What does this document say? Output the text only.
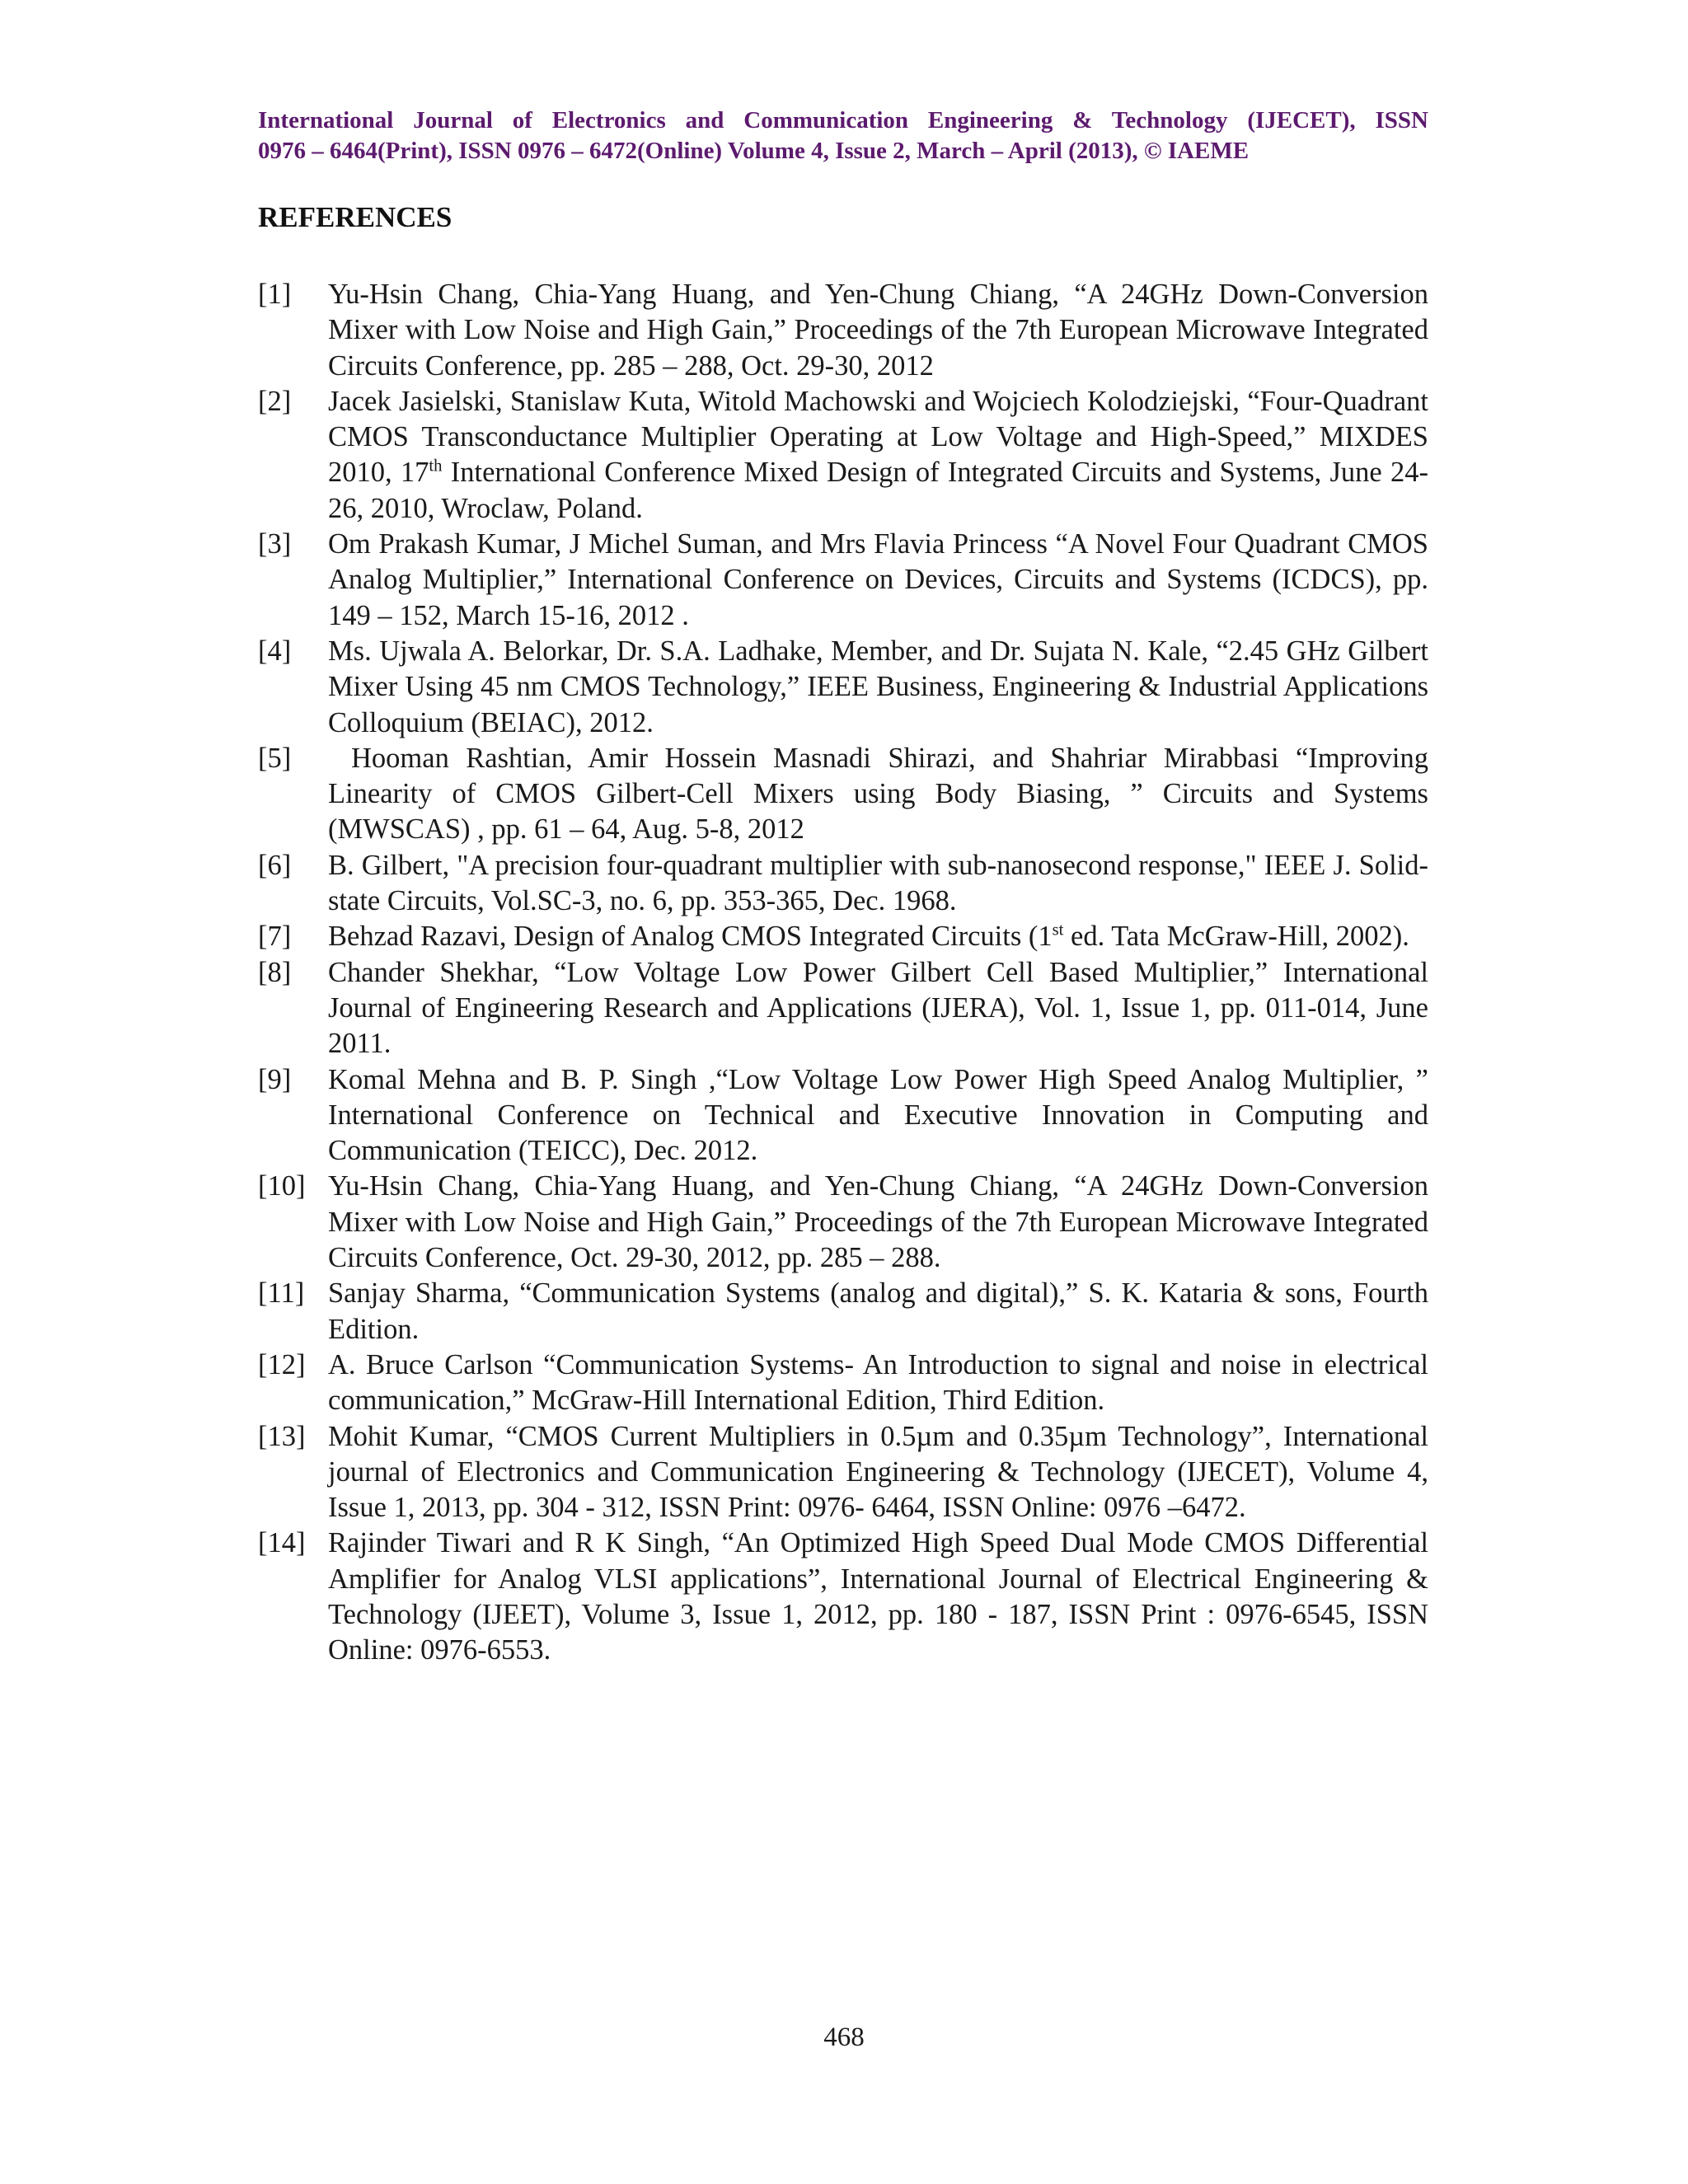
International Journal of Electronics and Communication Engineering & Technology (IJECET), ISSN
0976 – 6464(Print), ISSN 0976 – 6472(Online) Volume 4, Issue 2, March – April (2013), © IAEME
REFERENCES
[1]	Yu-Hsin Chang, Chia-Yang Huang, and Yen-Chung Chiang, “A 24GHz Down-Conversion Mixer with Low Noise and High Gain,” Proceedings of the 7th European Microwave Integrated Circuits Conference, pp. 285 – 288, Oct. 29-30, 2012
[2]	Jacek Jasielski, Stanislaw Kuta, Witold Machowski and Wojciech Kolodziejski, “Four-Quadrant CMOS Transconductance Multiplier Operating at Low Voltage and High-Speed,” MIXDES 2010, 17th International Conference Mixed Design of Integrated Circuits and Systems, June 24-26, 2010, Wroclaw, Poland.
[3]	Om Prakash Kumar, J Michel Suman, and Mrs Flavia Princess “A Novel Four Quadrant CMOS Analog Multiplier,” International Conference on Devices, Circuits and Systems (ICDCS), pp. 149 – 152, March 15-16, 2012 .
[4]	Ms. Ujwala A. Belorkar, Dr. S.A. Ladhake, Member, and Dr. Sujata N. Kale, “2.45 GHz Gilbert Mixer Using 45 nm CMOS Technology,” IEEE Business, Engineering & Industrial Applications Colloquium (BEIAC), 2012.
[5]	Hooman Rashtian, Amir Hossein Masnadi Shirazi, and Shahriar Mirabbasi “Improving Linearity of CMOS Gilbert-Cell Mixers using Body Biasing, ” Circuits and Systems (MWSCAS) , pp. 61 – 64, Aug. 5-8, 2012
[6]	B. Gilbert, "A precision four-quadrant multiplier with sub-nanosecond response," IEEE J. Solid-state Circuits, Vol.SC-3, no. 6, pp. 353-365, Dec. 1968.
[7]	Behzad Razavi, Design of Analog CMOS Integrated Circuits (1st ed. Tata McGraw-Hill, 2002).
[8]	Chander Shekhar, “Low Voltage Low Power Gilbert Cell Based Multiplier,” International Journal of Engineering Research and Applications (IJERA), Vol. 1, Issue 1, pp. 011-014, June 2011.
[9]	Komal Mehna and B. P. Singh ,“Low Voltage Low Power High Speed Analog Multiplier, ” International Conference on Technical and Executive Innovation in Computing and Communication (TEICC), Dec. 2012.
[10] Yu-Hsin Chang, Chia-Yang Huang, and Yen-Chung Chiang, “A 24GHz Down-Conversion Mixer with Low Noise and High Gain,” Proceedings of the 7th European Microwave Integrated Circuits Conference, Oct. 29-30, 2012, pp. 285 – 288.
[11] Sanjay Sharma, “Communication Systems (analog and digital),” S. K. Kataria & sons, Fourth Edition.
[12] A. Bruce Carlson “Communication Systems- An Introduction to signal and noise in electrical communication,” McGraw-Hill International Edition, Third Edition.
[13] Mohit Kumar, “CMOS Current Multipliers in 0.5µm and 0.35µm Technology”, International journal of Electronics and Communication Engineering & Technology (IJECET), Volume 4, Issue 1, 2013, pp. 304 - 312, ISSN Print: 0976- 6464, ISSN Online: 0976 –6472.
[14] Rajinder Tiwari and R K Singh, “An Optimized High Speed Dual Mode CMOS Differential Amplifier for Analog VLSI applications”, International Journal of Electrical Engineering & Technology (IJEET), Volume 3, Issue 1, 2012, pp. 180 - 187, ISSN Print : 0976-6545, ISSN Online: 0976-6553.
468
